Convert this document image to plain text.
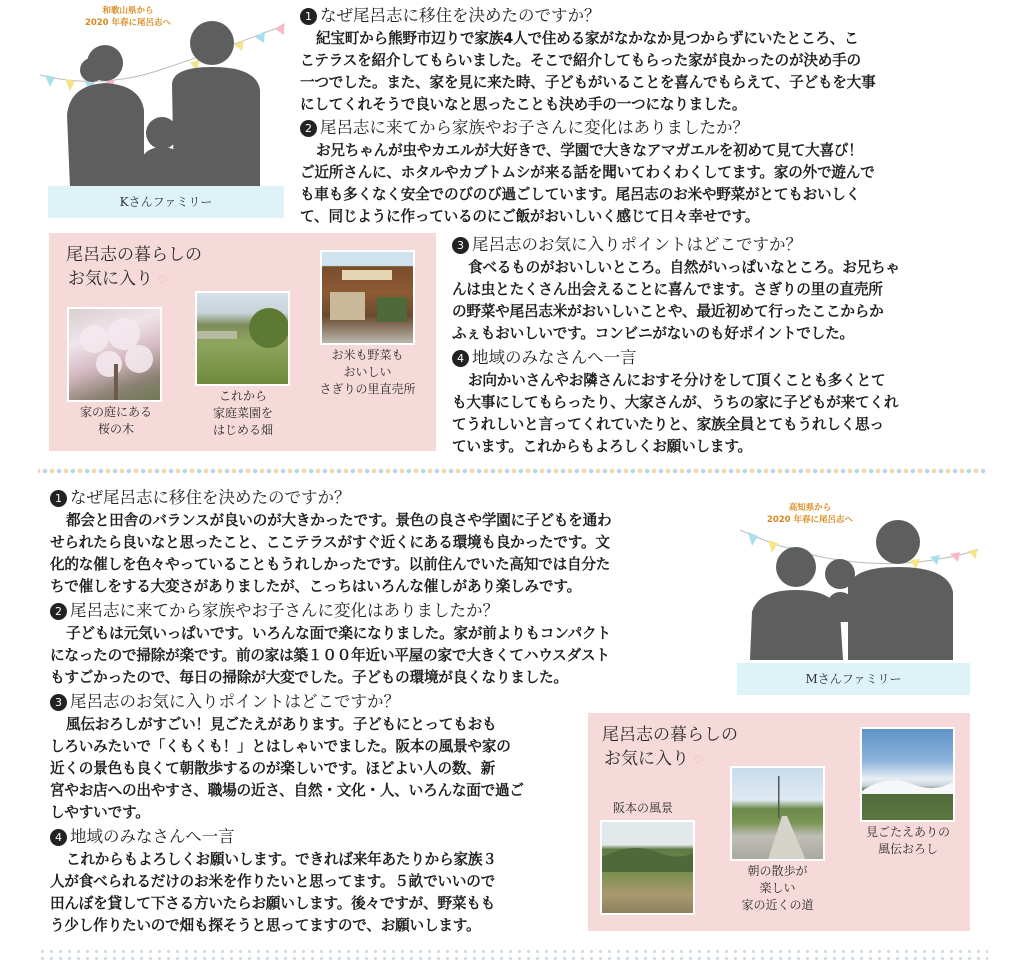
和歌山県から
2020 年春に尾呂志へ
Kさんファミリー
1 なぜ尾呂志に移住を決めたのですか？
紀宝町から熊野市辺りで家族4人で住める家がなかなか見つからずにいたところ、こ
こテラスを紹介してもらいました。そこで紹介してもらった家が良かったのが決め手の
一つでした。また、家を見に来た時、子どもがいることを喜んでもらえて、子どもを大事
にしてくれそうで良いなと思ったことも決め手の一つになりました。
2 尾呂志に来てから家族やお子さんに変化はありましたか？
お兄ちゃんが虫やカエルが大好きで、学園で大きなアマガエルを初めて見て大喜び！
ご近所さんに、ホタルやカブトムシが来る話を聞いてわくわくしてます。家の外で遊んで
も車も多くなく安全でのびのび過ごしています。尾呂志のお米や野菜がとてもおいしく
て、同じように作っているのにご飯がおいしいく感じて日々幸せです。
尾呂志の暮らしの
お気に入り ♡
家の庭にある
桜の木
これから
家庭菜園を
はじめる畑
お米も野菜も
おいしい
さぎりの里直売所
3 尾呂志のお気に入りポイントはどこですか？
食べるものがおいしいところ。自然がいっぱいなところ。お兄ちゃ
んは虫とたくさん出会えることに喜んでます。さぎりの里の直売所
の野菜や尾呂志米がおいしいことや、最近初めて行ったここからか
ふぇもおいしいです。コンビニがないのも好ポイントでした。
4 地域のみなさんへ一言
お向かいさんやお隣さんにおすそ分けをして頂くことも多くとて
も大事にしてもらったり、大家さんが、うちの家に子どもが来てくれ
てうれしいと言ってくれていたりと、家族全員とてもうれしく思っ
ています。これからもよろしくお願いします。
1 なぜ尾呂志に移住を決めたのですか？
都会と田舎のバランスが良いのが大きかったです。景色の良さや学園に子どもを通わ
せられたら良いなと思ったこと、ここテラスがすぐ近くにある環境も良かったです。文
化的な催しを色々やっていることもうれしかったです。以前住んでいた高知では自分た
ちで催しをする大変さがありましたが、こっちはいろんな催しがあり楽しみです。
2 尾呂志に来てから家族やお子さんに変化はありましたか？
子どもは元気いっぱいです。いろんな面で楽になりました。家が前よりもコンパクト
になったので掃除が楽です。前の家は築１００年近い平屋の家で大きくてハウスダスト
もすごかったので、毎日の掃除が大変でした。子どもの環境が良くなりました。
高知県から
2020 年春に尾呂志へ
Mさんファミリー
3 尾呂志のお気に入りポイントはどこですか？
風伝おろしがすごい！見ごたえがあります。子どもにとってもおも
しろいみたいで「くもくも！」とはしゃいでました。阪本の風景や家の
近くの景色も良くて朝散歩するのが楽しいです。ほどよい人の数、新
宮やお店への出やすさ、職場の近さ、自然・文化・人、いろんな面で過ご
しやすいです。
4 地域のみなさんへ一言
これからもよろしくお願いします。できれば来年あたりから家族３
人が食べられるだけのお米を作りたいと思ってます。５畝でいいので
田んぼを貸して下さる方いたらお願いします。後々ですが、野菜もも
う少し作りたいので畑も探そうと思ってますので、お願いします。
尾呂志の暮らしの
お気に入り ♡
阪本の風景
朝の散歩が
楽しい
家の近くの道
見ごたえありの
風伝おろし
